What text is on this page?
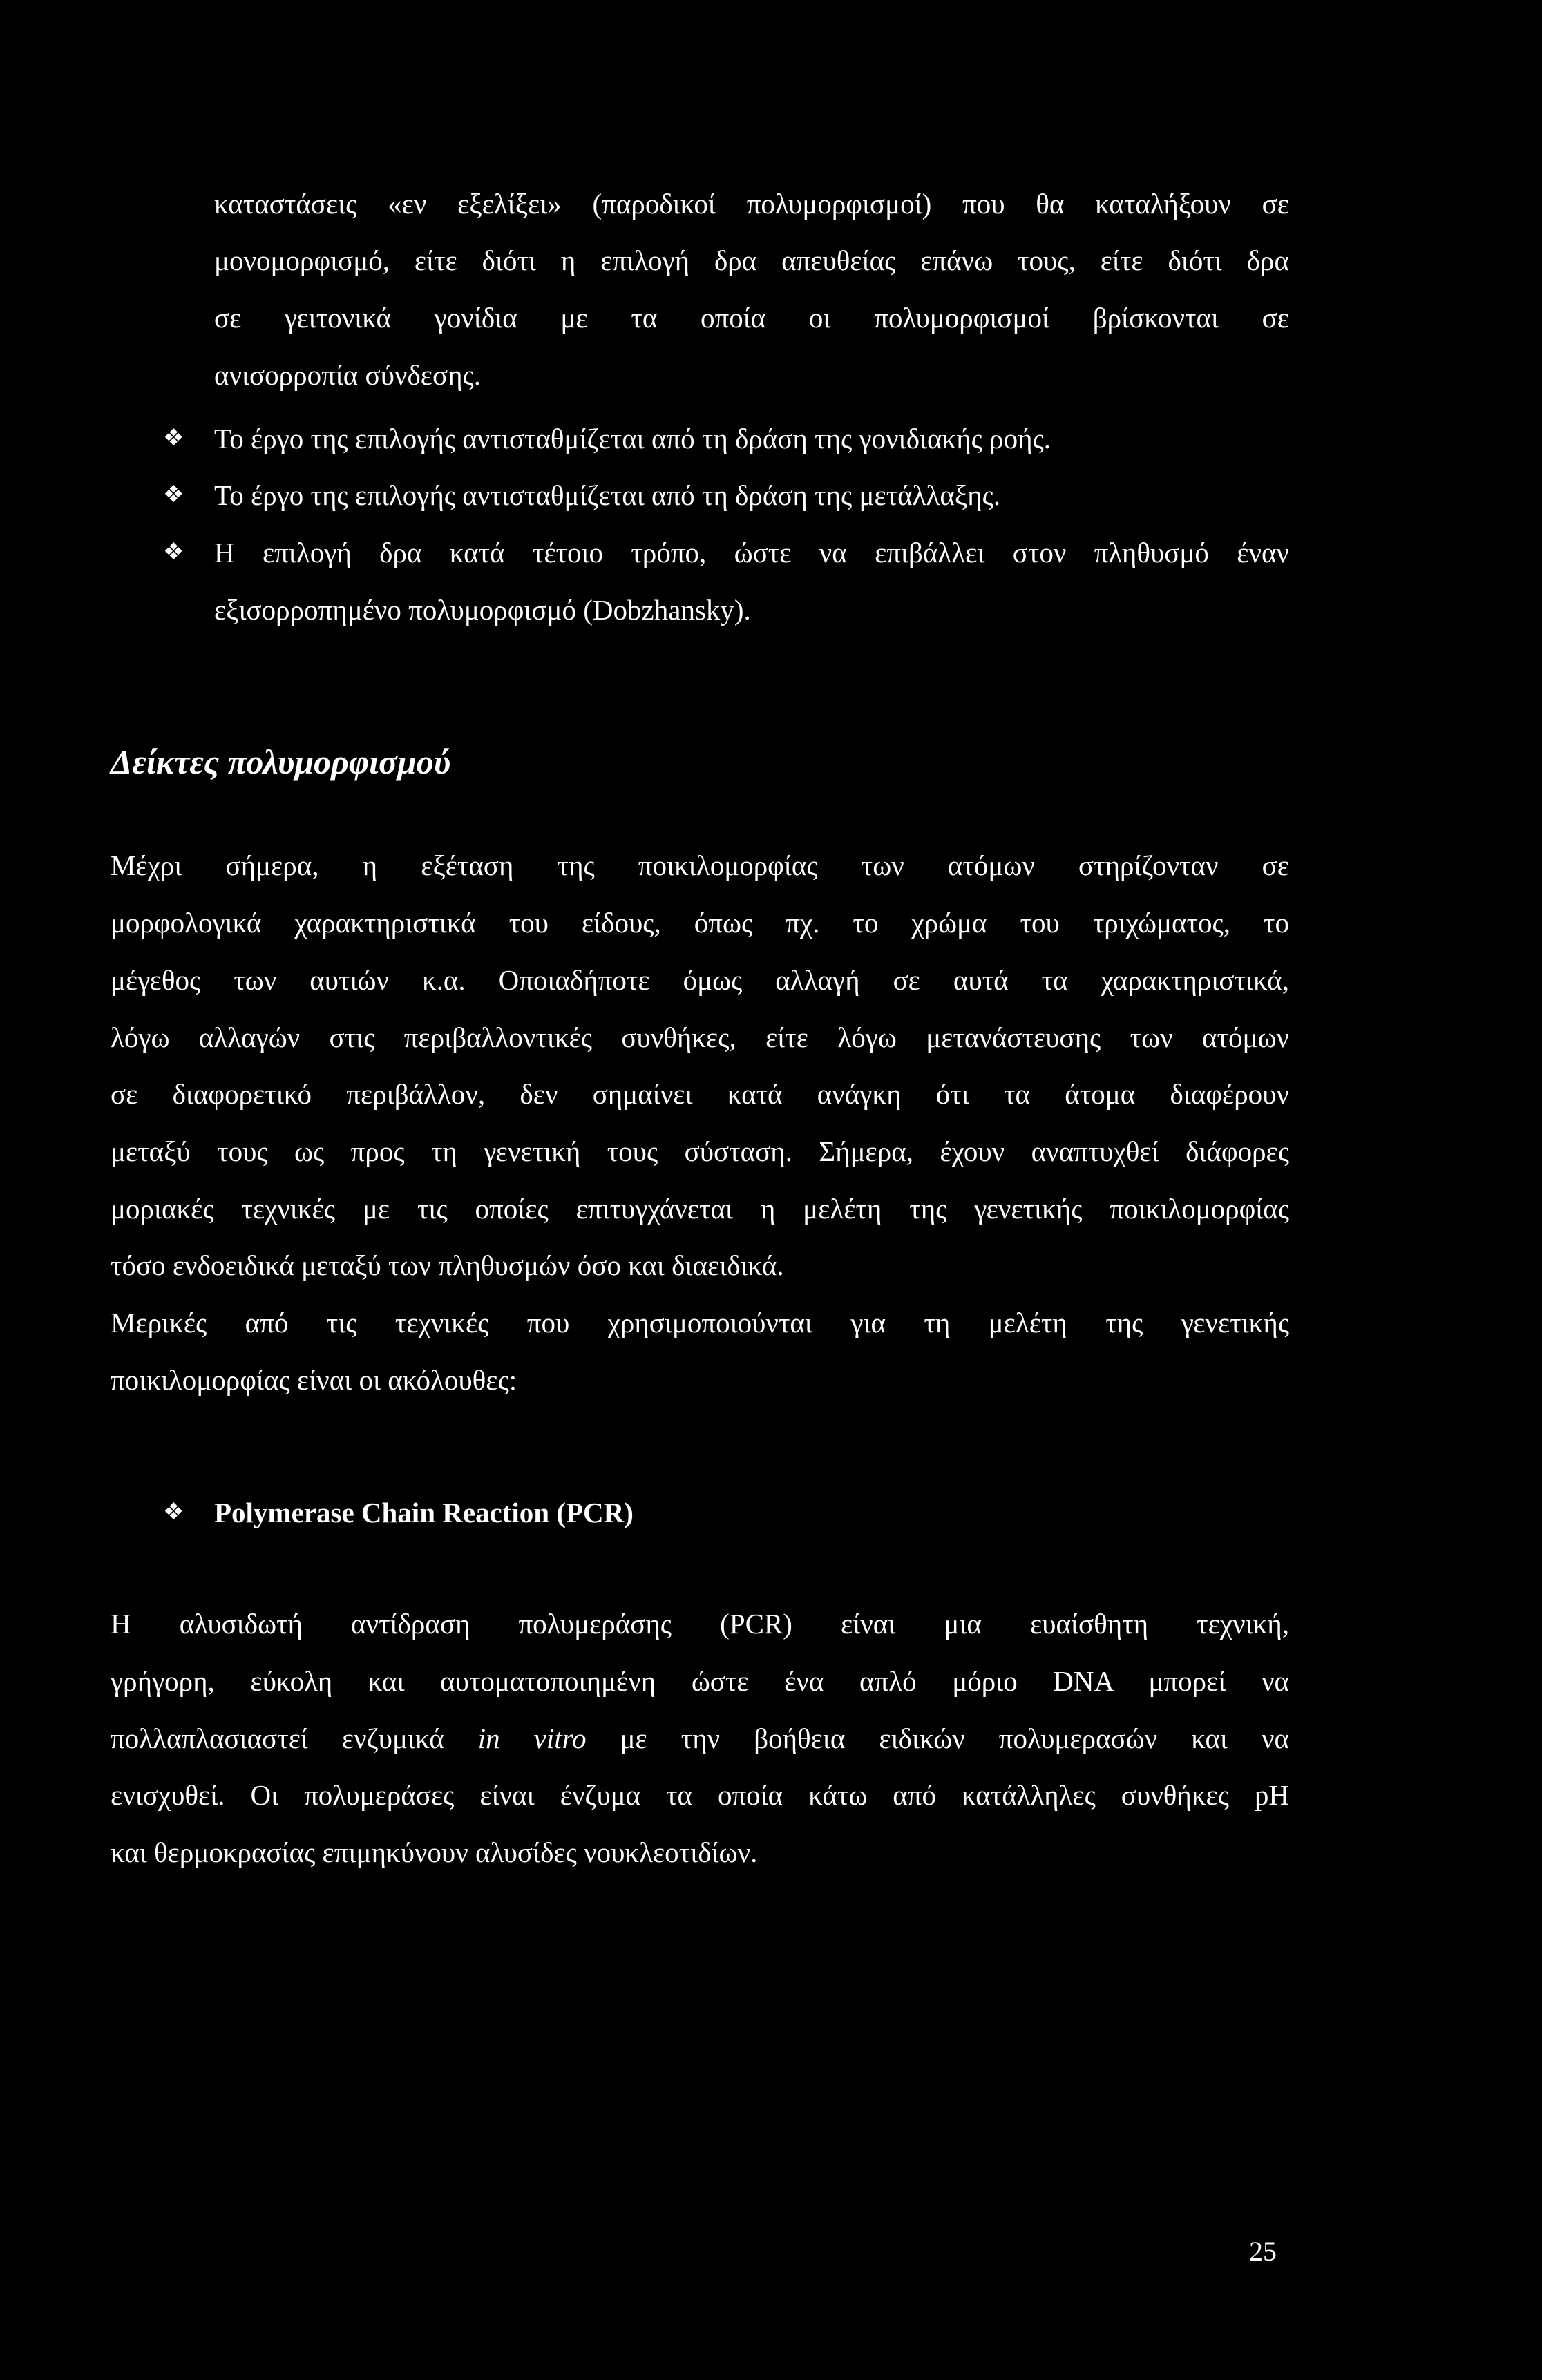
καταστάσεις «εν εξελίξει» (παροδικοί πολυμορφισμοί) που θα καταλήξουν σε
μονομορφισμό, είτε διότι η επιλογή δρα απευθείας επάνω τους, είτε διότι δρα
σε γειτονικά γονίδια με τα οποία οι πολυμορφισμοί βρίσκονται σε
ανισορροπία σύνδεσης.
❖ Το έργο της επιλογής αντισταθμίζεται από τη δράση της γονιδιακής ροής.
❖ Το έργο της επιλογής αντισταθμίζεται από τη δράση της μετάλλαξης.
❖ Η επιλογή δρα κατά τέτοιο τρόπο, ώστε να επιβάλλει στον πληθυσμό έναν
εξισορροπημένο πολυμορφισμό (Dobzhansky).
Δείκτες πολυμορφισμού
Μέχρι σήμερα, η εξέταση της ποικιλομορφίας των ατόμων στηρίζονταν σε
μορφολογικά χαρακτηριστικά του είδους, όπως πχ. το χρώμα του τριχώματος, το
μέγεθος των αυτιών κ.α. Οποιαδήποτε όμως αλλαγή σε αυτά τα χαρακτηριστικά,
λόγω αλλαγών στις περιβαλλοντικές συνθήκες, είτε λόγω μετανάστευσης των ατόμων
σε διαφορετικό περιβάλλον, δεν σημαίνει κατά ανάγκη ότι τα άτομα διαφέρουν
μεταξύ τους ως προς τη γενετική τους σύσταση. Σήμερα, έχουν αναπτυχθεί διάφορες
μοριακές τεχνικές με τις οποίες επιτυγχάνεται η μελέτη της γενετικής ποικιλομορφίας
τόσο ενδοειδικά μεταξύ των πληθυσμών όσο και διαειδικά.
Μερικές από τις τεχνικές που χρησιμοποιούνται για τη μελέτη της γενετικής
ποικιλομορφίας είναι οι ακόλουθες:
❖ Polymerase Chain Reaction (PCR)
Η αλυσιδωτή αντίδραση πολυμεράσης (PCR) είναι μια ευαίσθητη τεχνική,
γρήγορη, εύκολη και αυτοματοποιημένη ώστε ένα απλό μόριο DNA μπορεί να
πολλαπλασιαστεί ενζυμικά in vitro με την βοήθεια ειδικών πολυμερασών και να
ενισχυθεί. Οι πολυμεράσες είναι ένζυμα τα οποία κάτω από κατάλληλες συνθήκες pH
και θερμοκρασίας επιμηκύνουν αλυσίδες νουκλεοτιδίων.
25
